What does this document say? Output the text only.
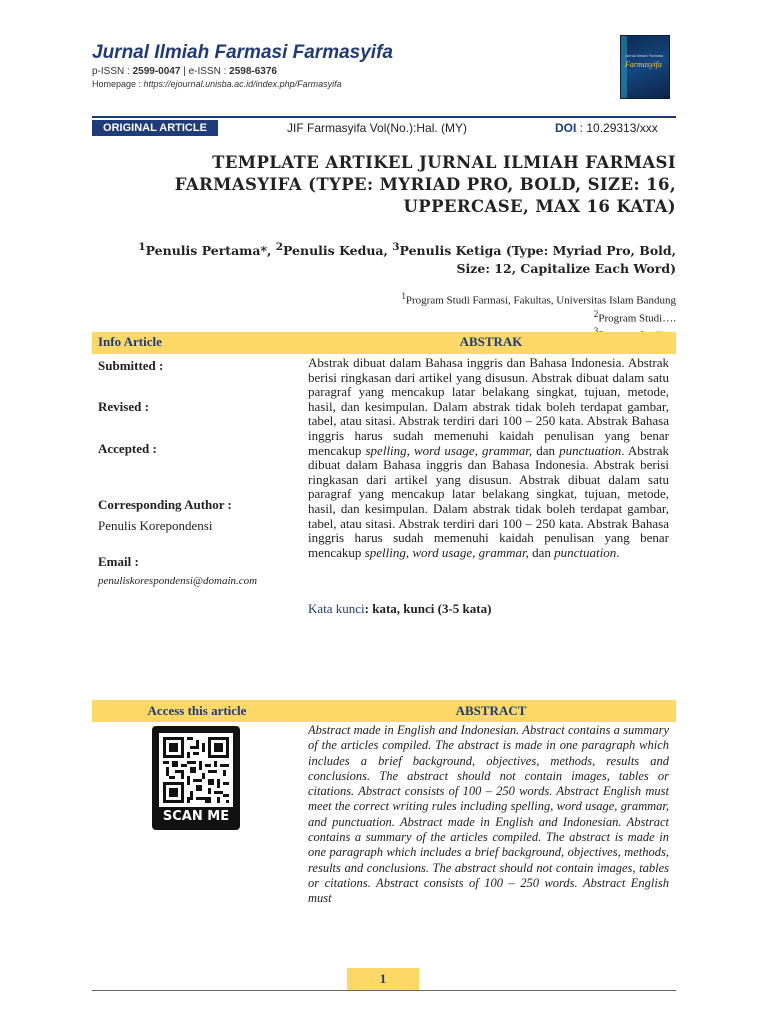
Jurnal Ilmiah Farmasi Farmasyifa
p-ISSN : 2599-0047 | e-ISSN : 2598-6376
Homepage : https://ejournal.unisba.ac.id/index.php/Farmasyifa
Jurnal Ilmiah Farmasi
Farmasyifa
ORIGINAL ARTICLE	JIF Farmasyifa Vol(No.):Hal. (MY)	DOI : 10.29313/xxx
TEMPLATE ARTIKEL JURNAL ILMIAH FARMASI FARMASYIFA (TYPE: MYRIAD PRO, BOLD, SIZE: 16, UPPERCASE, MAX 16 KATA)
$^1$Penulis Pertama*, $^2$Penulis Kedua, $^3$Penulis Ketiga (Type: Myriad Pro, Bold, Size: 12, Capitalize Each Word)
$^1$Program Studi Farmasi, Fakultas, Universitas Islam Bandung
$^2$Program Studi….
Info Article	ABSTRAK
Submitted :
Revised :
Accepted :
Corresponding Author :
Penulis Korepondensi
Email :
penuliskorespondensi@domain.com
Abstrak dibuat dalam Bahasa inggris dan Bahasa Indonesia. Abstrak berisi ringkasan dari artikel yang disusun. Abstrak dibuat dalam satu paragraf yang mencakup latar belakang singkat, tujuan, metode, hasil, dan kesimpulan. Dalam abstrak tidak boleh terdapat gambar, tabel, atau sitasi. Abstrak terdiri dari 100 – 250 kata. Abstrak Bahasa inggris harus sudah memenuhi kaidah penulisan yang benar mencakup spelling, word usage, grammar, dan punctuation. Abstrak dibuat dalam Bahasa inggris dan Bahasa Indonesia. Abstrak berisi ringkasan dari artikel yang disusun. Abstrak dibuat dalam satu paragraf yang mencakup latar belakang singkat, tujuan, metode, hasil, dan kesimpulan. Dalam abstrak tidak boleh terdapat gambar, tabel, atau sitasi. Abstrak terdiri dari 100 – 250 kata. Abstrak Bahasa inggris harus sudah memenuhi kaidah penulisan yang benar mencakup spelling, word usage, grammar, dan punctuation.
Kata kunci: kata, kunci (3-5 kata)
Access this article	ABSTRACT
SCAN ME
Abstract made in English and Indonesian. Abstract contains a summary of the articles compiled. The abstract is made in one paragraph which includes a brief background, objectives, methods, results and conclusions. The abstract should not contain images, tables or citations. Abstract consists of 100 – 250 words. Abstract English must meet the correct writing rules including spelling, word usage, grammar, and punctuation. Abstract made in English and Indonesian. Abstract contains a summary of the articles compiled. The abstract is made in one paragraph which includes a brief background, objectives, methods, results and conclusions. The abstract should not contain images, tables or citations. Abstract consists of 100 – 250 words. Abstract English must
1
